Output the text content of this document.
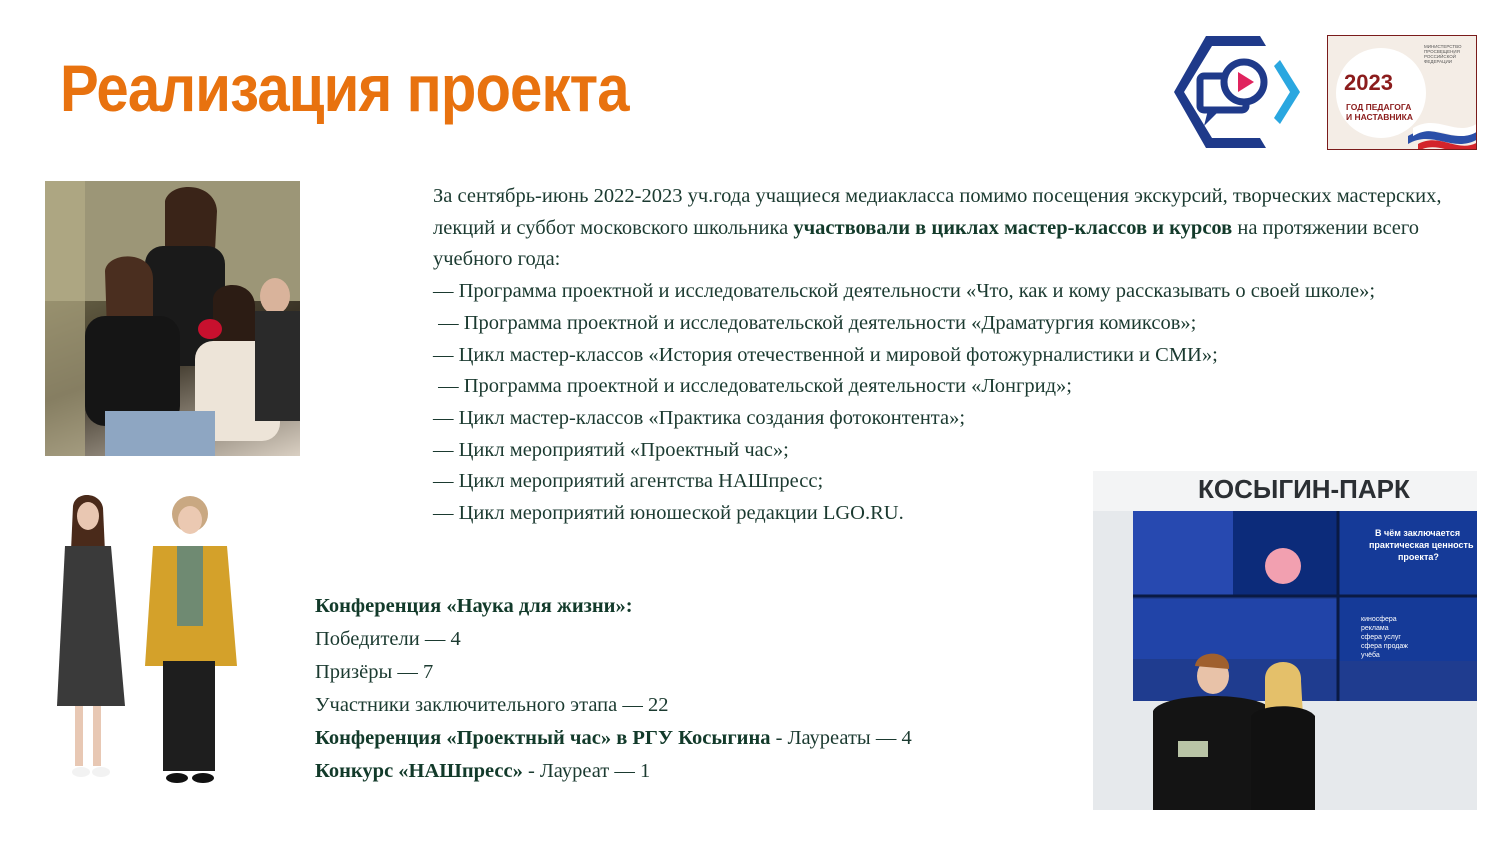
Реализация проекта	2023
ГОД ПЕДАГОГА
И НАСТАВНИКА
МИНИСТЕРСТВО ПРОСВЕЩЕНИЯ РОССИЙСКОЙ ФЕДЕРАЦИИ
КОСЫГИН-ПАРК
В чём заключается практическая ценность проекта?
киносфера
реклама
сфера услуг
сфера продаж
учёба

За сентябрь-июнь 2022-2023 уч.года учащиеся медиакласса помимо посещения экскурсий, творческих мастерских, лекций и суббот московского школьника участвовали в циклах мастер-классов и курсов на протяжении всего учебного года:

— Программа проектной и исследовательской деятельности «Что, как и кому рассказывать о своей школе»;

— Программа проектной и исследовательской деятельности «Драматургия комиксов»;

— Цикл мастер-классов «История отечественной и мировой фотожурналистики и СМИ»;

— Программа проектной и исследовательской деятельности «Лонгрид»;

— Цикл мастер-классов «Практика создания фотоконтента»;

— Цикл мероприятий «Проектный час»;

— Цикл мероприятий агентства НАШпресс;

— Цикл мероприятий юношеской редакции LGO.RU.

Конференция «Наука для жизни»:

Победители — 4

Призёры — 7

Участники заключительного этапа — 22

Конференция «Проектный час» в РГУ Косыгина - Лауреаты — 4

Конкурс «НАШпресс» - Лауреат — 1
